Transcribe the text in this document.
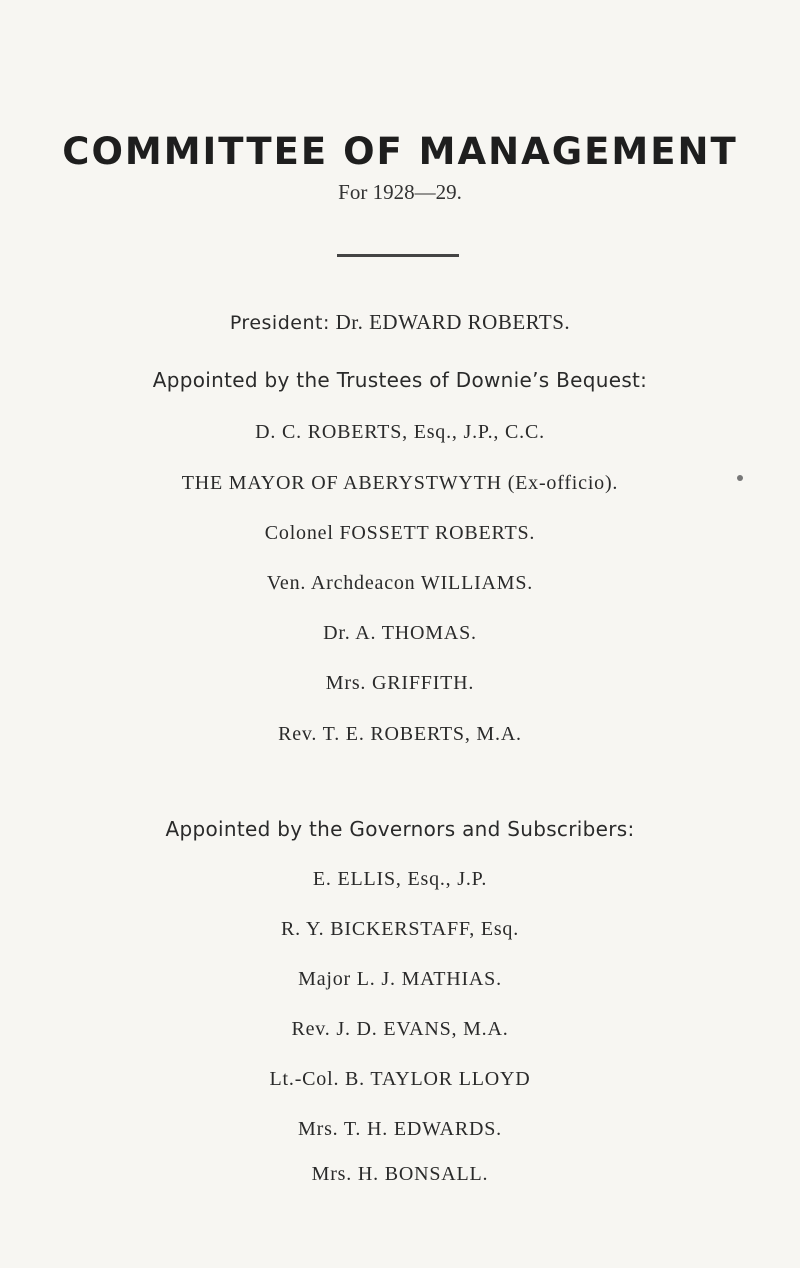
COMMITTEE OF MANAGEMENT
For 1928—29.
President: Dr. EDWARD ROBERTS.
Appointed by the Trustees of Downie’s Bequest:
D. C. ROBERTS, Esq., J.P., C.C.
THE MAYOR OF ABERYSTWYTH (Ex-officio).
Colonel FOSSETT ROBERTS.
Ven. Archdeacon WILLIAMS.
Dr. A. THOMAS.
Mrs. GRIFFITH.
Rev. T. E. ROBERTS, M.A.
Appointed by the Governors and Subscribers:
E. ELLIS, Esq., J.P.
R. Y. BICKERSTAFF, Esq.
Major L. J. MATHIAS.
Rev. J. D. EVANS, M.A.
Lt.-Col. B. TAYLOR LLOYD
Mrs. T. H. EDWARDS.
Mrs. H. BONSALL.
